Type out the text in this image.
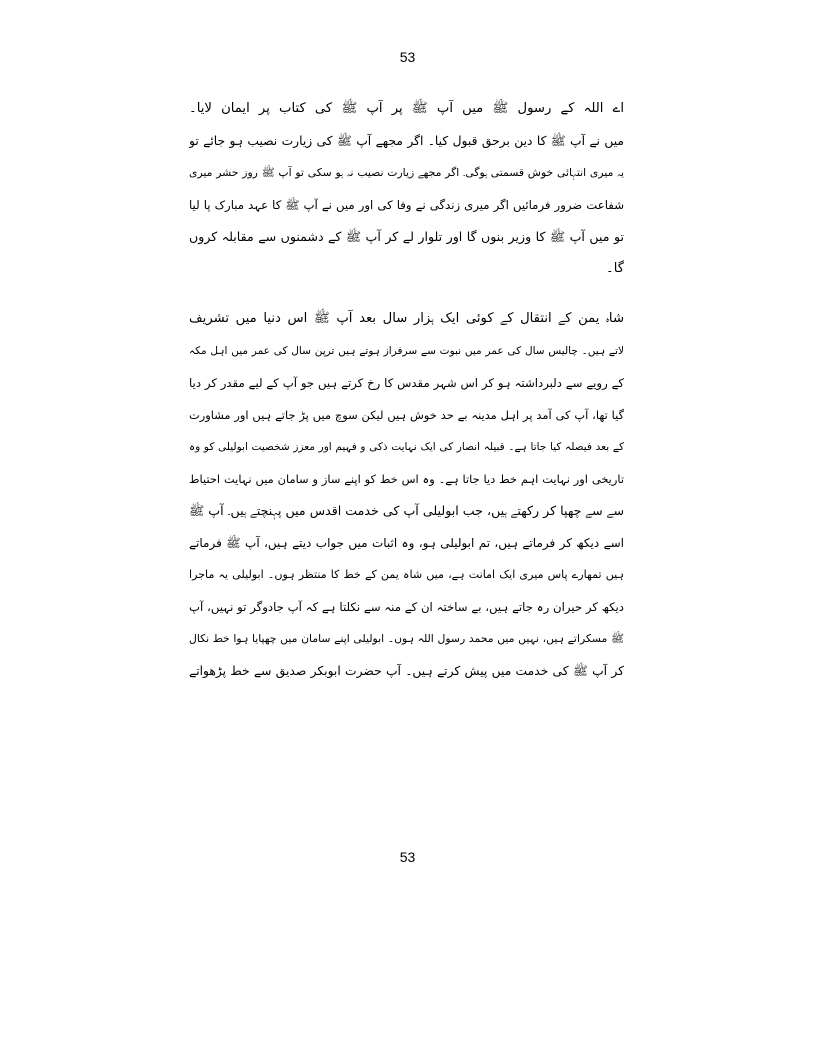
53
اے اللہ کے رسول ﷺ میں آپ ﷺ پر آپ ﷺ کی کتاب پر ایمان لایا۔
میں نے آپ ﷺ کا دین برحق قبول کیا۔ اگر مجھے آپ ﷺ کی زیارت نصیب ہو جائے تو
یہ میری انتہائی خوش قسمتی ہوگی۔ اگر مجھے زیارت نصیب نہ ہو سکی تو آپ ﷺ روز حشر میری
شفاعت ضرور فرمائیں اگر میری زندگی نے وفا کی اور میں نے آپ ﷺ کا عہد مبارک پا لیا
تو میں آپ ﷺ کا وزیر بنوں گا اور تلوار لے کر آپ ﷺ کے دشمنوں سے مقابلہ کروں
گا۔
شاہ یمن کے انتقال کے کوئی ایک ہزار سال بعد آپ ﷺ اس دنیا میں تشریف
لاتے ہیں۔ چالیس سال کی عمر میں نبوت سے سرفراز ہوتے ہیں ترپن سال کی عمر میں اہل مکہ
کے رویے سے دلبرداشتہ ہو کر اس شہر مقدس کا رخ کرتے ہیں جو آپ کے لیے مقدر کر دیا
گیا تھا، آپ کی آمد پر اہل مدینہ بے حد خوش ہیں لیکن سوچ میں پڑ جاتے ہیں اور مشاورت
کے بعد فیصلہ کیا جاتا ہے۔ قبیلہ انصار کی ایک نہایت ذکی و فہیم اور معزز شخصیت ابولیلی کو وہ
تاریخی اور نہایت اہم خط دیا جاتا ہے۔ وہ اس خط کو اپنے ساز و سامان میں نہایت احتیاط
سے سے چھپا کر رکھتے ہیں، جب ابولیلی آپ کی خدمت اقدس میں پہنچتے ہیں۔ آپ ﷺ
اسے دیکھ کر فرماتے ہیں، تم ابولیلی ہو، وہ اثبات میں جواب دیتے ہیں، آپ ﷺ فرماتے
ہیں تمھارے پاس میری ایک امانت ہے، میں شاہ یمن کے خط کا منتظر ہوں۔ ابولیلی یہ ماجرا
دیکھ کر حیران رہ جاتے ہیں، بے ساختہ ان کے منہ سے نکلتا ہے کہ آپ جادوگر تو نہیں، آپ
ﷺ مسکراتے ہیں، نہیں میں محمد رسول اللہ ہوں۔ ابولیلی اپنے سامان میں چھپایا ہوا خط نکال
کر آپ ﷺ کی خدمت میں پیش کرتے ہیں۔ آپ حضرت ابوبکر صدیق سے خط پڑھواتے
53
